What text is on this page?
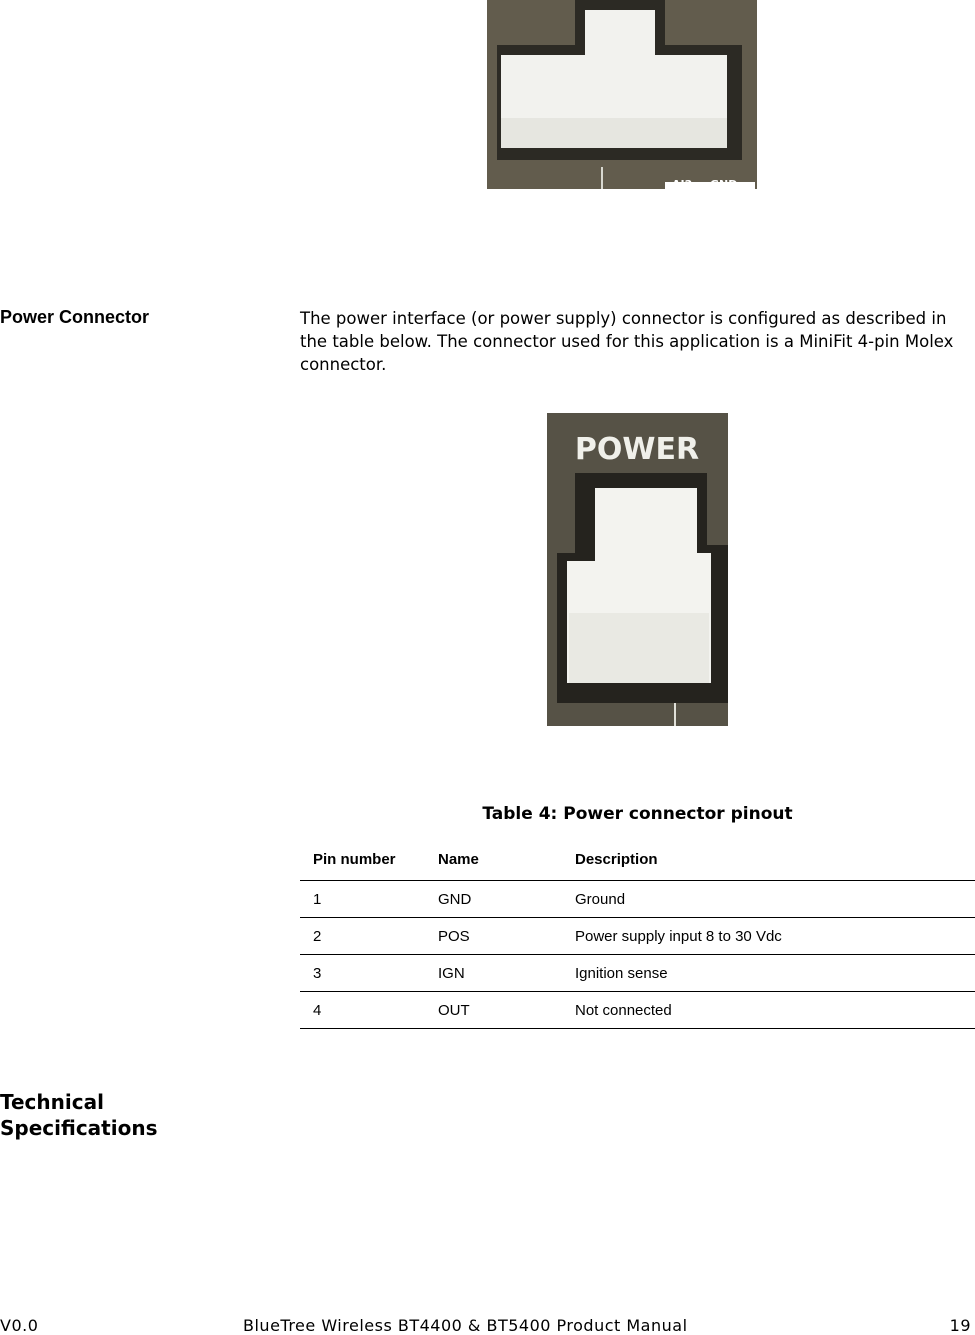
AI2 GND
Power Connector	The power interface (or power supply) connector is configured as described in the table below. The connector used for this application is a MiniFit 4-pin Molex connector.
POWER
Table 4: Power connector pinout
Pin number	Name	Description
1	GND	Ground
2	POS	Power supply input 8 to 30 Vdc
3	IGN	Ignition sense
4	OUT	Not connected
Technical Specifications
V0.0	BlueTree Wireless BT4400 & BT5400 Product Manual	19
